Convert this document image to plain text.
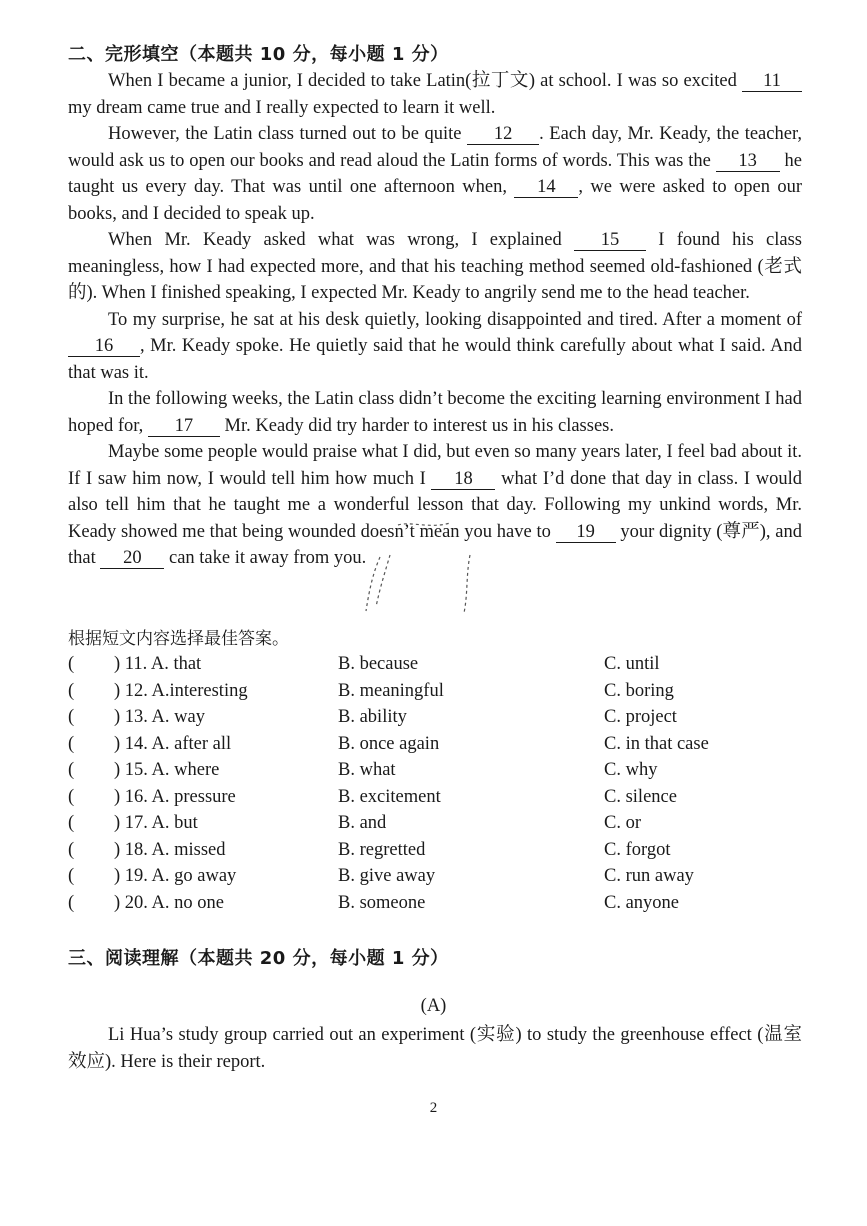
二、完形填空（本题共 10 分，每小题 1 分）

When I became a junior, I decided to take Latin(拉丁文) at school. I was so excited 11 my dream came true and I really expected to learn it well.

However, the Latin class turned out to be quite 12 . Each day, Mr. Keady, the teacher, would ask us to open our books and read aloud the Latin forms of words. This was the 13 he taught us every day. That was until one afternoon when, 14 , we were asked to open our books, and I decided to speak up.

When Mr. Keady asked what was wrong, I explained 15 I found his class meaningless, how I had expected more, and that his teaching method seemed old-fashioned (老式的). When I finished speaking, I expected Mr. Keady to angrily send me to the head teacher.

To my surprise, he sat at his desk quietly, looking disappointed and tired. After a moment of 16 , Mr. Keady spoke. He quietly said that he would think carefully about what I said. And that was it.

In the following weeks, the Latin class didn’t become the exciting learning environment I had hoped for, 17 Mr. Keady did try harder to interest us in his classes.

Maybe some people would praise what I did, but even so many years later, I feel bad about it. If I saw him now, I would tell him how much I 18 what I’d done that day in class. I would also tell him that he taught me a wonderful lesson that day. Following my unkind words, Mr. Keady showed me that being wounded doesn’t mean you have to 19 your dignity (尊严), and that 20 can take it away from you.

根据短文内容选择最佳答案。
( ) 11. A. that	B. because	C. until
( ) 12. A.interesting	B. meaningful	C. boring
( ) 13. A. way	B. ability	C. project
( ) 14. A. after all	B. once again	C. in that case
( ) 15. A. where	B. what	C. why
( ) 16. A. pressure	B. excitement	C. silence
( ) 17. A. but	B. and	C. or
( ) 18. A. missed	B. regretted	C. forgot
( ) 19. A. go away	B. give away	C. run away
( ) 20. A. no one	B. someone	C. anyone
三、阅读理解（本题共 20 分，每小题 1 分）
(A)

Li Hua’s study group carried out an experiment (实验) to study the greenhouse effect (温室效应). Here is their report.

2
